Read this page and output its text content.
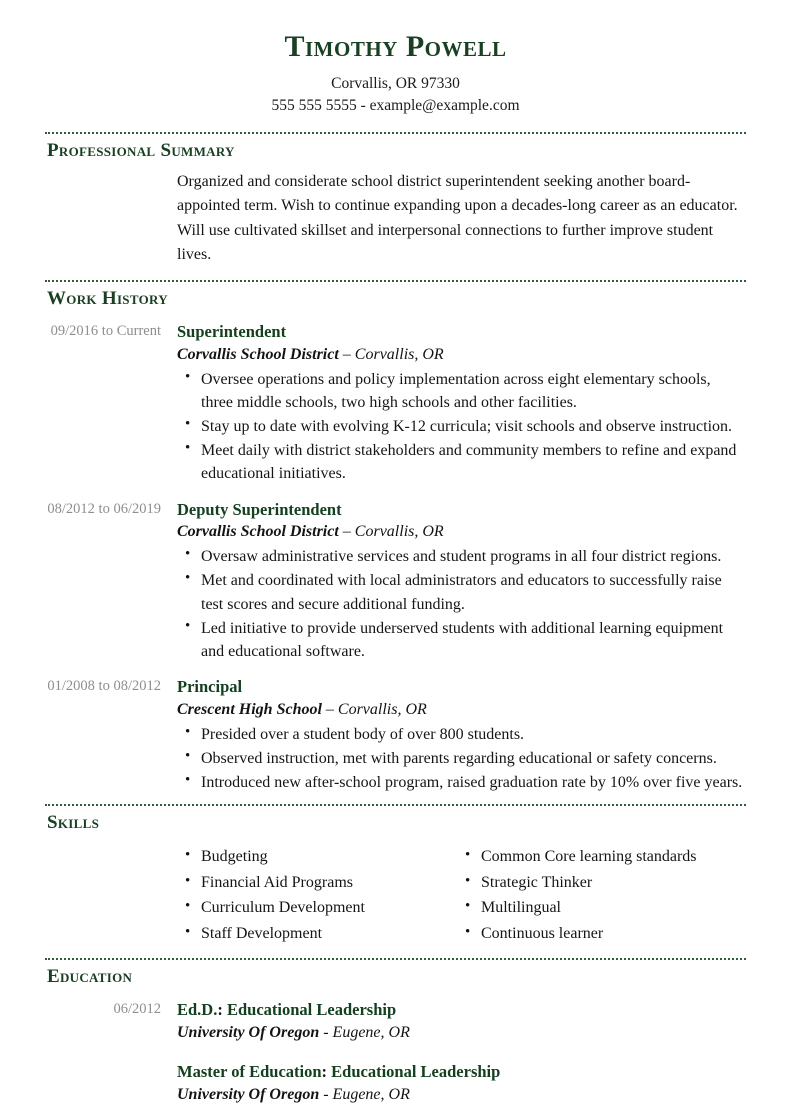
Timothy Powell
Corvallis, OR 97330
555 555 5555 - example@example.com
Professional Summary
Organized and considerate school district superintendent seeking another board-appointed term. Wish to continue expanding upon a decades-long career as an educator. Will use cultivated skillset and interpersonal connections to further improve student lives.
Work History
09/2016 to Current Superintendent
Corvallis School District – Corvallis, OR
• Oversee operations and policy implementation across eight elementary schools, three middle schools, two high schools and other facilities.
• Stay up to date with evolving K-12 curricula; visit schools and observe instruction.
• Meet daily with district stakeholders and community members to refine and expand educational initiatives.
08/2012 to 06/2019 Deputy Superintendent
Corvallis School District – Corvallis, OR
• Oversaw administrative services and student programs in all four district regions.
• Met and coordinated with local administrators and educators to successfully raise test scores and secure additional funding.
• Led initiative to provide underserved students with additional learning equipment and educational software.
01/2008 to 08/2012 Principal
Crescent High School – Corvallis, OR
• Presided over a student body of over 800 students.
• Observed instruction, met with parents regarding educational or safety concerns.
• Introduced new after-school program, raised graduation rate by 10% over five years.
Skills
• Budgeting
• Financial Aid Programs
• Curriculum Development
• Staff Development
• Common Core learning standards
• Strategic Thinker
• Multilingual
• Continuous learner
Education
06/2012 Ed.D.: Educational Leadership
University Of Oregon - Eugene, OR
Master of Education: Educational Leadership
University Of Oregon - Eugene, OR
